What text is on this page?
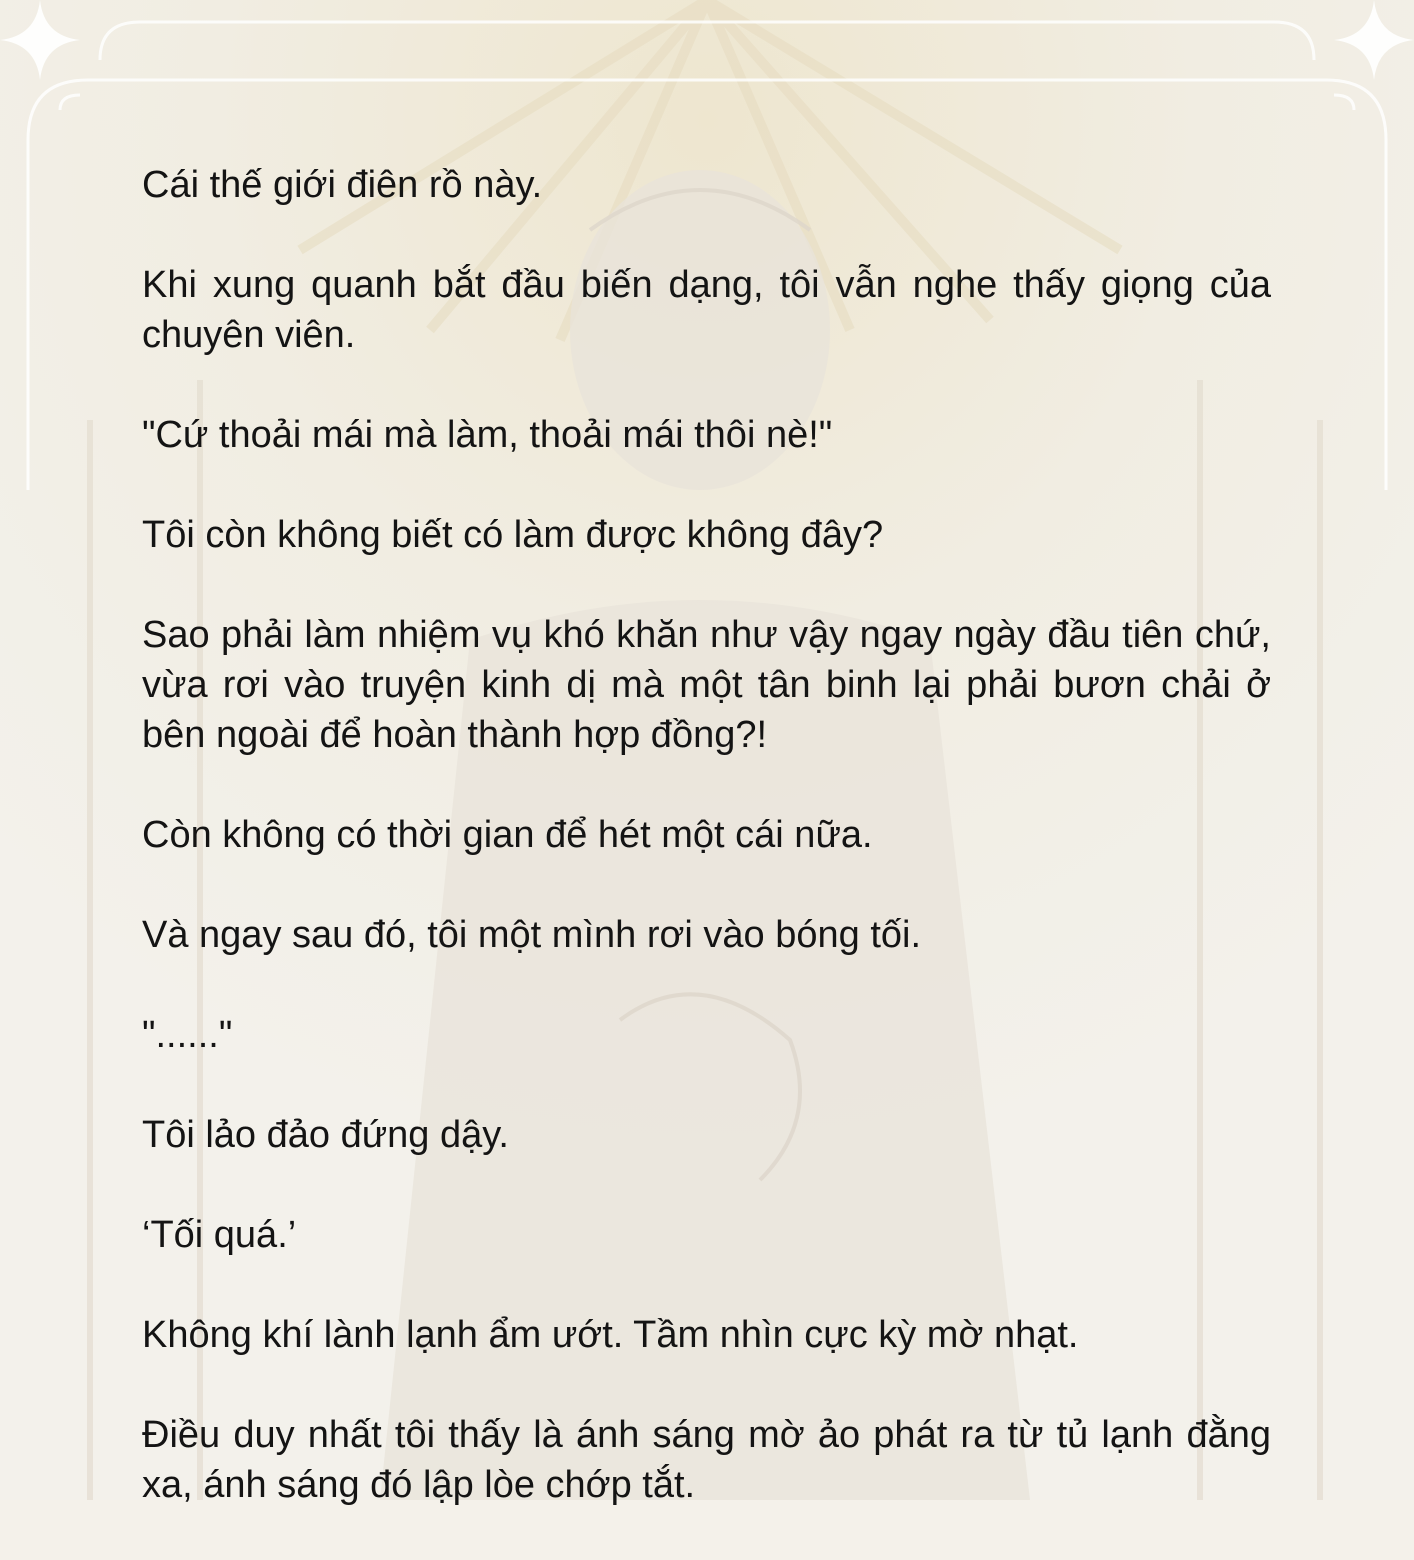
Cái thế giới điên rồ này.

Khi xung quanh bắt đầu biến dạng, tôi vẫn nghe thấy giọng của chuyên viên.

"Cứ thoải mái mà làm, thoải mái thôi nè!"

Tôi còn không biết có làm được không đây?

Sao phải làm nhiệm vụ khó khăn như vậy ngay ngày đầu tiên chứ, vừa rơi vào truyện kinh dị mà một tân binh lại phải bươn chải ở bên ngoài để hoàn thành hợp đồng?!

Còn không có thời gian để hét một cái nữa.

Và ngay sau đó, tôi một mình rơi vào bóng tối.

"......"

Tôi lảo đảo đứng dậy.

‘Tối quá.’

Không khí lành lạnh ẩm ướt. Tầm nhìn cực kỳ mờ nhạt.

Điều duy nhất tôi thấy là ánh sáng mờ ảo phát ra từ tủ lạnh đằng xa, ánh sáng đó lập lòe chớp tắt.
